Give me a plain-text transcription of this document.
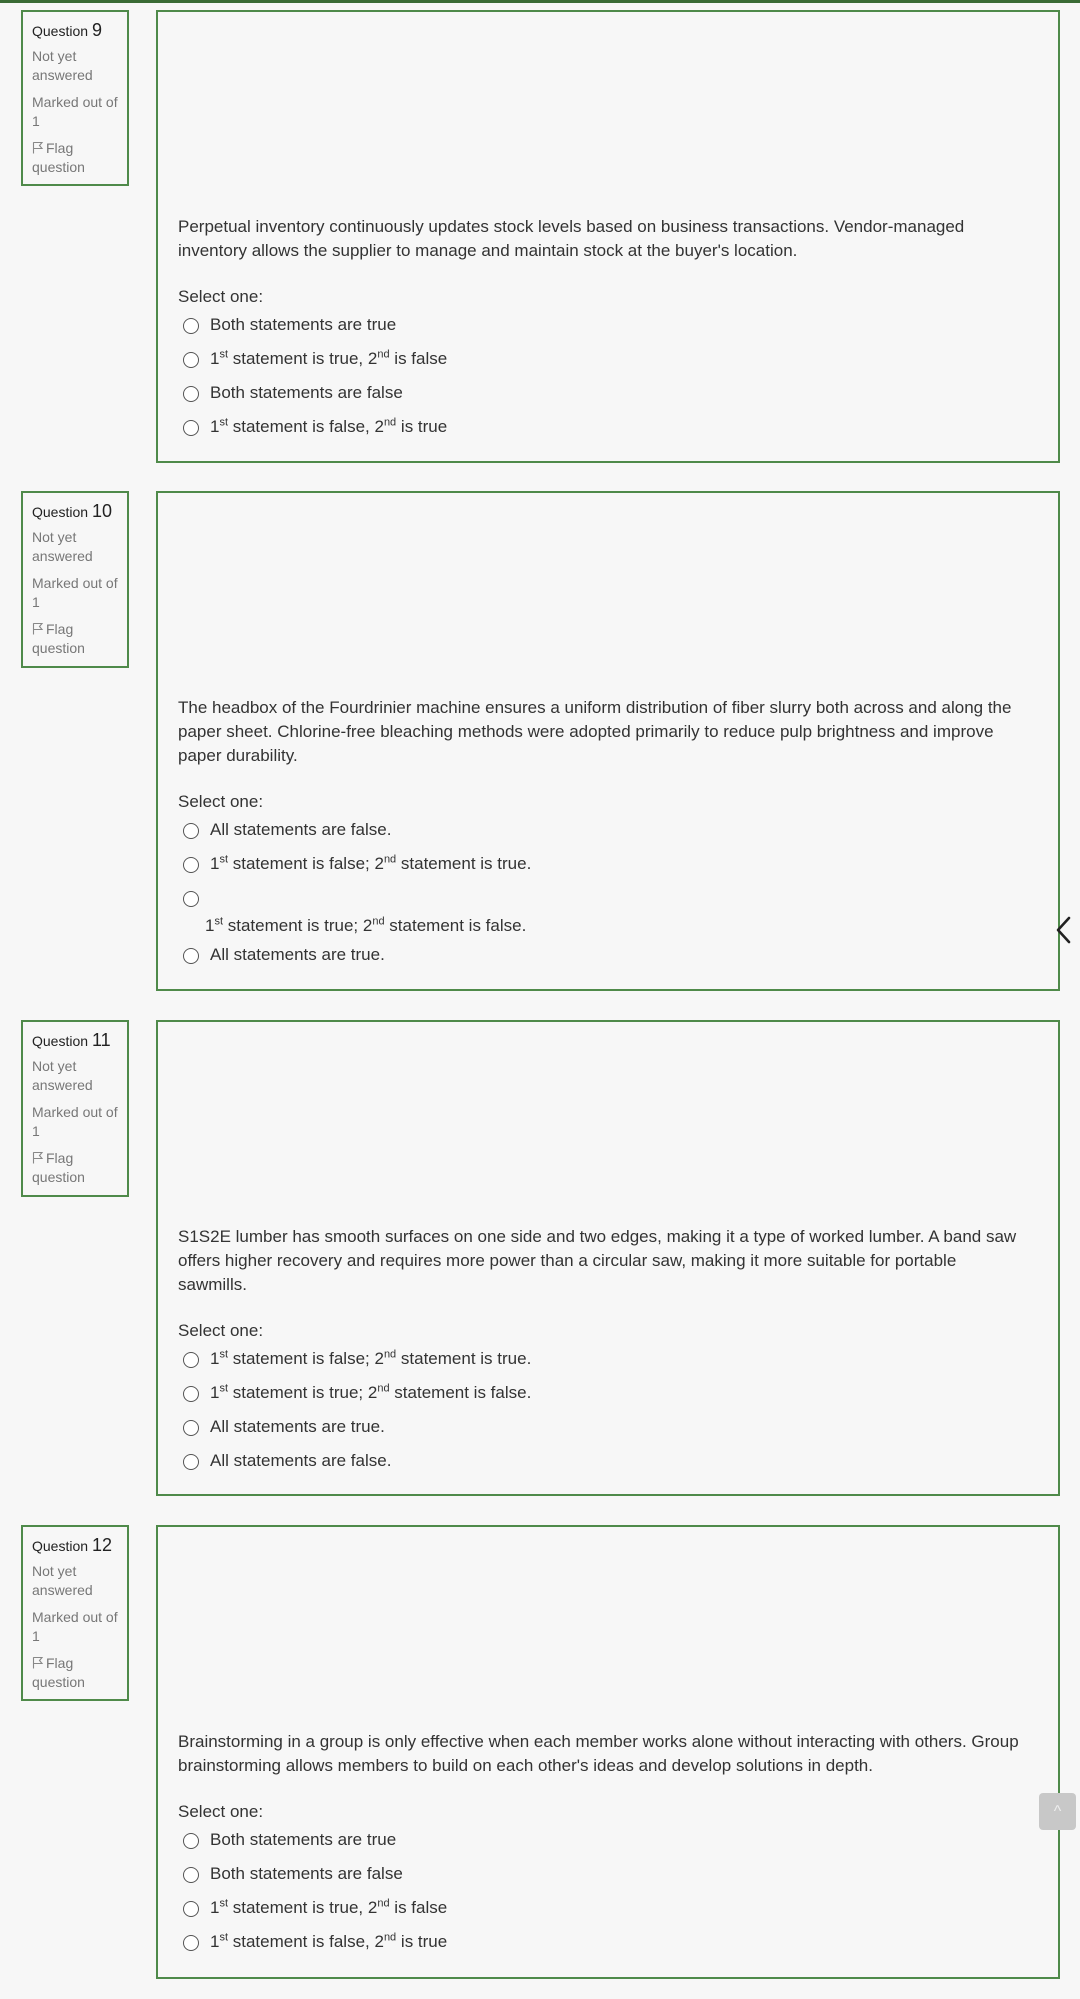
Question 9
Not yet answered
Marked out of 1
Flag question
Perpetual inventory continuously updates stock levels based on business transactions. Vendor-managed inventory allows the supplier to manage and maintain stock at the buyer's location.
Select one:
Both statements are true
1st statement is true, 2nd is false
Both statements are false
1st statement is false, 2nd is true
Question 10
Not yet answered
Marked out of 1
Flag question
The headbox of the Fourdrinier machine ensures a uniform distribution of fiber slurry both across and along the paper sheet. Chlorine-free bleaching methods were adopted primarily to reduce pulp brightness and improve paper durability.
Select one:
All statements are false.
1st statement is false; 2nd statement is true.
1st statement is true; 2nd statement is false.
All statements are true.
Question 11
Not yet answered
Marked out of 1
Flag question
S1S2E lumber has smooth surfaces on one side and two edges, making it a type of worked lumber. A band saw offers higher recovery and requires more power than a circular saw, making it more suitable for portable sawmills.
Select one:
1st statement is false; 2nd statement is true.
1st statement is true; 2nd statement is false.
All statements are true.
All statements are false.
Question 12
Not yet answered
Marked out of 1
Flag question
Brainstorming in a group is only effective when each member works alone without interacting with others. Group brainstorming allows members to build on each other's ideas and develop solutions in depth.
Select one:
Both statements are true
Both statements are false
1st statement is true, 2nd is false
1st statement is false, 2nd is true
^
